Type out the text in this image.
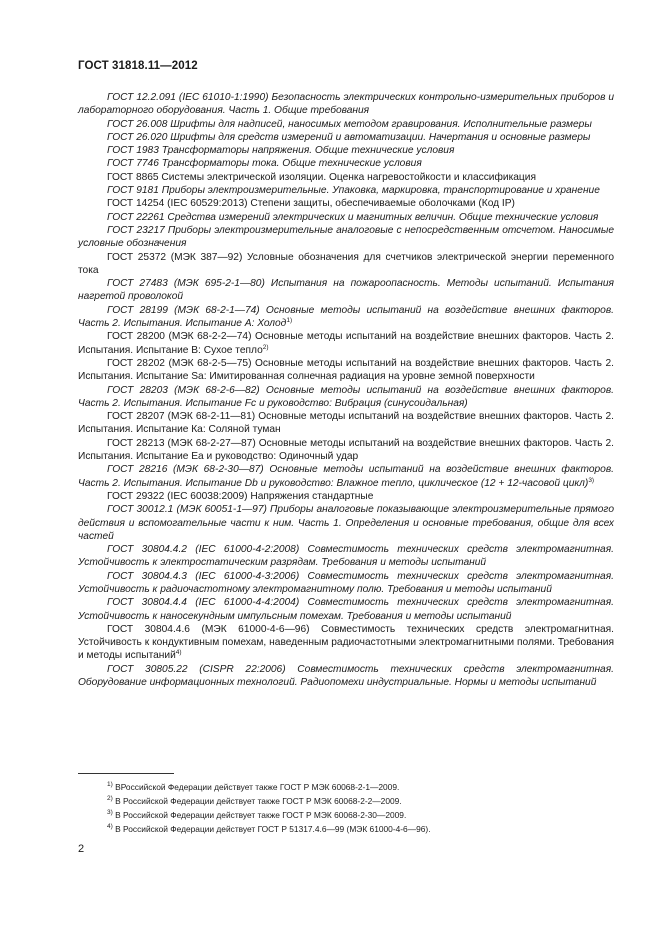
ГОСТ 31818.11—2012

ГОСТ 12.2.091 (IEC 61010-1:1990) Безопасность электрических контрольно-измерительных приборов и лабораторного оборудования. Часть 1. Общие требования

ГОСТ 26.008 Шрифты для надписей, наносимых методом гравирования. Исполнительные размеры

ГОСТ 26.020 Шрифты для средств измерений и автоматизации. Начертания и основные размеры

ГОСТ 1983 Трансформаторы напряжения. Общие технические условия

ГОСТ 7746 Трансформаторы тока. Общие технические условия

ГОСТ 8865 Системы электрической изоляции. Оценка нагревостойкости и классификация

ГОСТ 9181 Приборы электроизмерительные. Упаковка, маркировка, транспортирование и хранение

ГОСТ 14254 (IEC 60529:2013) Степени защиты, обеспечиваемые оболочками (Код IP)

ГОСТ 22261 Средства измерений электрических и магнитных величин. Общие технические условия

ГОСТ 23217 Приборы электроизмерительные аналоговые с непосредственным отсчетом. Наносимые условные обозначения

ГОСТ 25372 (МЭК 387—92) Условные обозначения для счетчиков электрической энергии переменного тока

ГОСТ 27483 (МЭК 695-2-1—80) Испытания на пожароопасность. Методы испытаний. Испытания нагретой проволокой

ГОСТ 28199 (МЭК 68-2-1—74) Основные методы испытаний на воздействие внешних факторов. Часть 2. Испытания. Испытание А: Холод$^{1)}$

ГОСТ 28200 (МЭК 68-2-2—74) Основные методы испытаний на воздействие внешних факторов. Часть 2. Испытания. Испытание В: Сухое тепло$^{2)}$

ГОСТ 28202 (МЭК 68-2-5—75) Основные методы испытаний на воздействие внешних факторов. Часть 2. Испытания. Испытание Sa: Имитированная солнечная радиация на уровне земной поверхности

ГОСТ 28203 (МЭК 68-2-6—82) Основные методы испытаний на воздействие внешних факторов. Часть 2. Испытания. Испытание Fc и руководство: Вибрация (синусоидальная)

ГОСТ 28207 (МЭК 68-2-11—81) Основные методы испытаний на воздействие внешних факторов. Часть 2. Испытания. Испытание Ка: Соляной туман

ГОСТ 28213 (МЭК 68-2-27—87) Основные методы испытаний на воздействие внешних факторов. Часть 2. Испытания. Испытание Еа и руководство: Одиночный удар

ГОСТ 28216 (МЭК 68-2-30—87) Основные методы испытаний на воздействие внешних факторов. Часть 2. Испытания. Испытание Db и руководство: Влажное тепло, циклическое (12 + 12-часовой цикл)$^{3)}$

ГОСТ 29322 (IEC 60038:2009) Напряжения стандартные

ГОСТ 30012.1 (МЭК 60051-1—97) Приборы аналоговые показывающие электроизмерительные прямого действия и вспомогательные части к ним. Часть 1. Определения и основные требования, общие для всех частей

ГОСТ 30804.4.2 (IEC 61000-4-2:2008) Совместимость технических средств электромагнитная. Устойчивость к электростатическим разрядам. Требования и методы испытаний

ГОСТ 30804.4.3 (IEC 61000-4-3:2006) Совместимость технических средств электромагнитная. Устойчивость к радиочастотному электромагнитному полю. Требования и методы испытаний

ГОСТ 30804.4.4 (IEC 61000-4-4:2004) Совместимость технических средств электромагнитная. Устойчивость к наносекундным импульсным помехам. Требования и методы испытаний

ГОСТ 30804.4.6 (МЭК 61000-4-6—96) Совместимость технических средств электромагнитная. Устойчивость к кондуктивным помехам, наведенным радиочастотными электромагнитными полями. Требования и методы испытаний$^{4)}$

ГОСТ 30805.22 (CISPR 22:2006) Совместимость технических средств электромагнитная. Оборудование информационных технологий. Радиопомехи индустриальные. Нормы и методы испытаний

$^{1)}$ ВРоссийской Федерации действует также ГОСТ Р МЭК 60068-2-1—2009.

$^{2)}$ В Российской Федерации действует также ГОСТ Р МЭК 60068-2-2—2009.

$^{3)}$ В Российской Федерации действует также ГОСТ Р МЭК 60068-2-30—2009.

$^{4)}$ В Российской Федерации действует ГОСТ Р 51317.4.6—99 (МЭК 61000-4-6—96).

2
